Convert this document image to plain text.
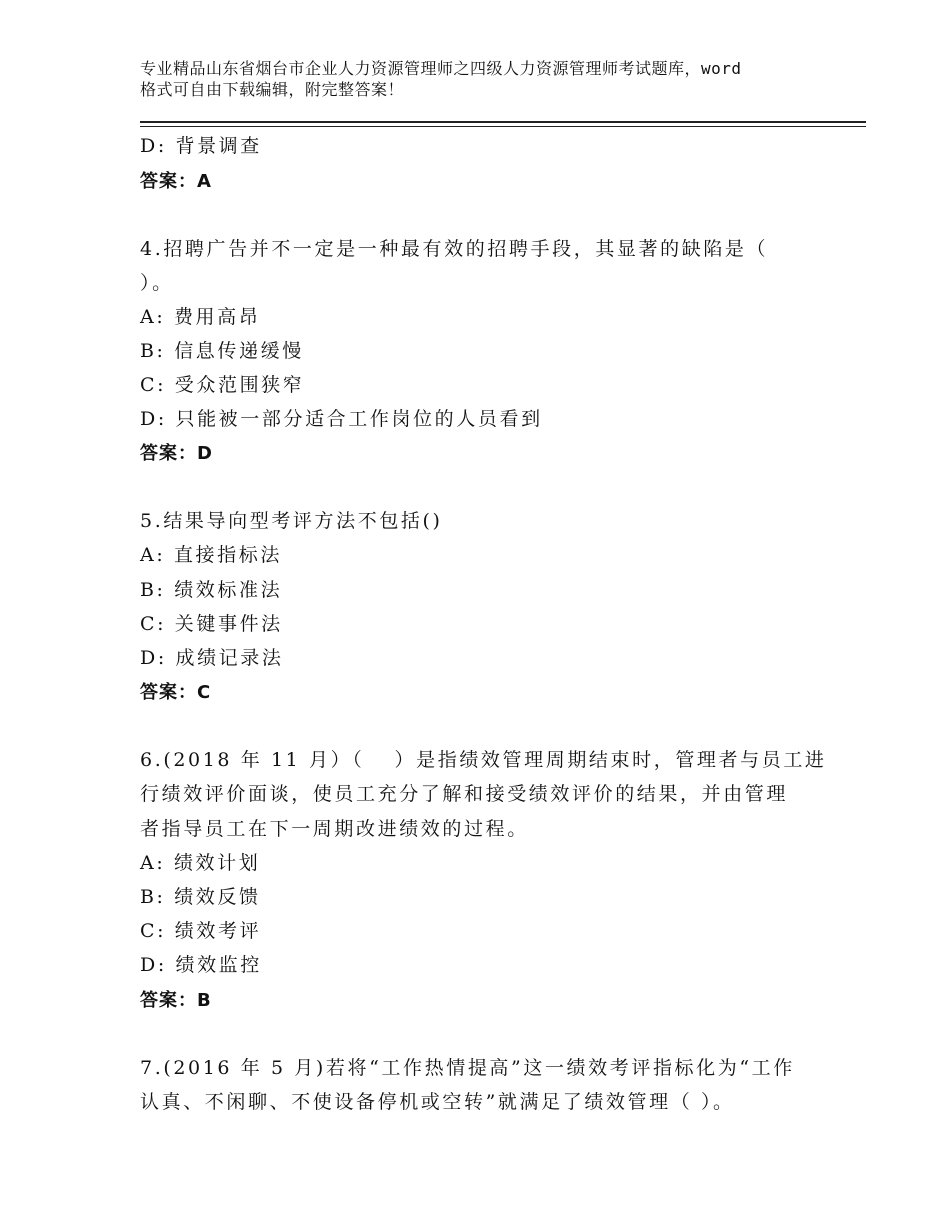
专业精品山东省烟台市企业人力资源管理师之四级人力资源管理师考试题库，word
格式可自由下载编辑，附完整答案！
D: 背景调查
答案：A
4.招聘广告并不一定是一种最有效的招聘手段，其显著的缺陷是（
）。
A: 费用高昂
B: 信息传递缓慢
C: 受众范围狭窄
D: 只能被一部分适合工作岗位的人员看到
答案：D
5.结果导向型考评方法不包括()
A: 直接指标法
B: 绩效标准法
C: 关键事件法
D: 成绩记录法
答案：C
6.(2018 年 11 月）（　 ）是指绩效管理周期结束时，管理者与员工进
行绩效评价面谈，使员工充分了解和接受绩效评价的结果，并由管理
者指导员工在下一周期改进绩效的过程。
A: 绩效计划
B: 绩效反馈
C: 绩效考评
D: 绩效监控
答案：B
7.(2016 年 5 月)若将“工作热情提高”这一绩效考评指标化为“工作
认真、不闲聊、不使设备停机或空转”就满足了绩效管理（ ）。
